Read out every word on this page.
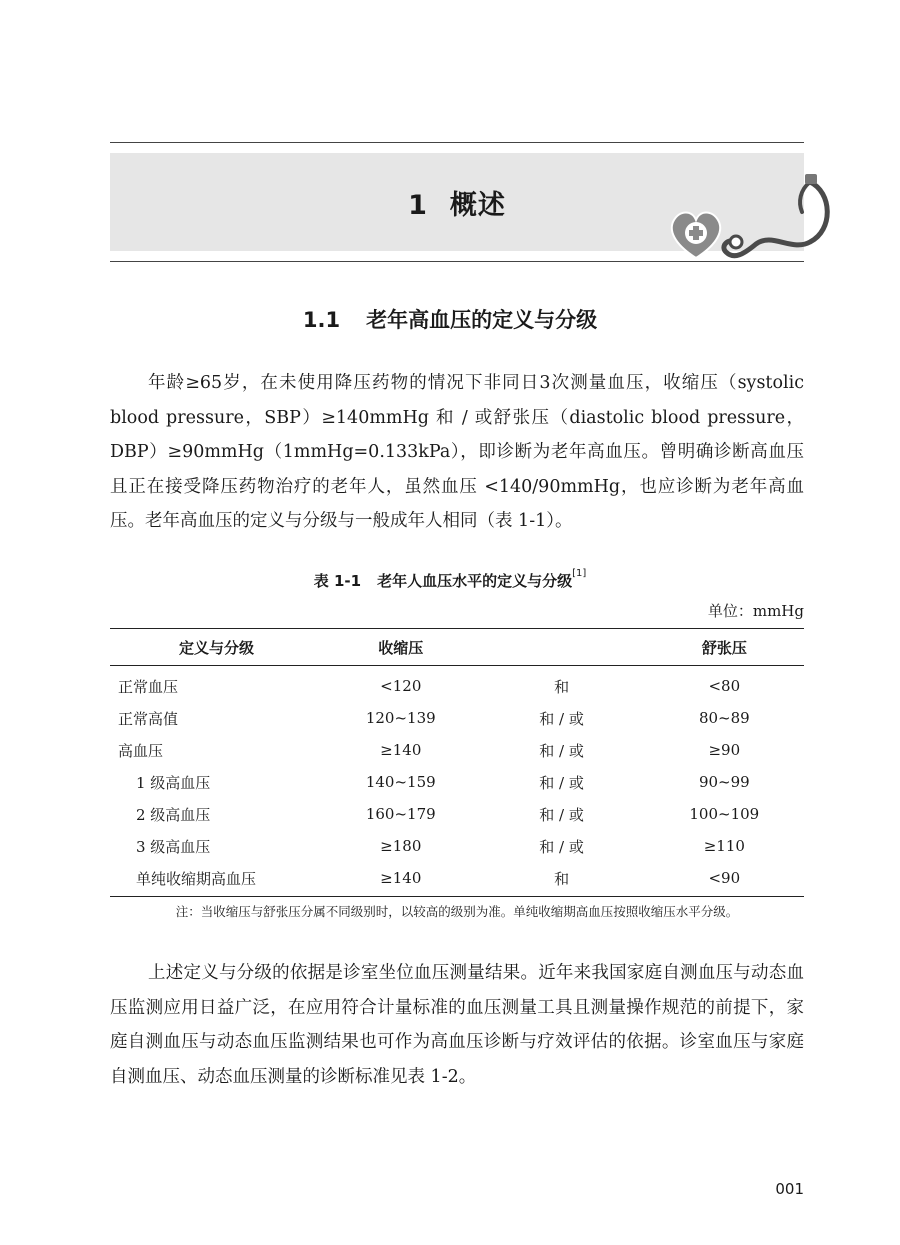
1 概述
1.1 老年高血压的定义与分级

年龄≥65岁，在未使用降压药物的情况下非同日3次测量血压，收缩压（systolic blood pressure，SBP）≥140mmHg 和 / 或舒张压（diastolic blood pressure，DBP）≥90mmHg（1mmHg=0.133kPa），即诊断为老年高血压。曾明确诊断高血压且正在接受降压药物治疗的老年人，虽然血压 <140/90mmHg，也应诊断为老年高血压。老年高血压的定义与分级与一般成年人相同（表 1-1）。

表 1-1 老年人血压水平的定义与分级[1]
单位：mmHg
定义与分级	收缩压		舒张压
正常血压	<120	和	<80
正常高值	120~139	和 / 或	80~89
高血压	≥140	和 / 或	≥90
1 级高血压	140~159	和 / 或	90~99
2 级高血压	160~179	和 / 或	100~109
3 级高血压	≥180	和 / 或	≥110
单纯收缩期高血压	≥140	和	<90
注：当收缩压与舒张压分属不同级别时，以较高的级别为准。单纯收缩期高血压按照收缩压水平分级。

上述定义与分级的依据是诊室坐位血压测量结果。近年来我国家庭自测血压与动态血压监测应用日益广泛，在应用符合计量标准的血压测量工具且测量操作规范的前提下，家庭自测血压与动态血压监测结果也可作为高血压诊断与疗效评估的依据。诊室血压与家庭自测血压、动态血压测量的诊断标准见表 1-2。

001
